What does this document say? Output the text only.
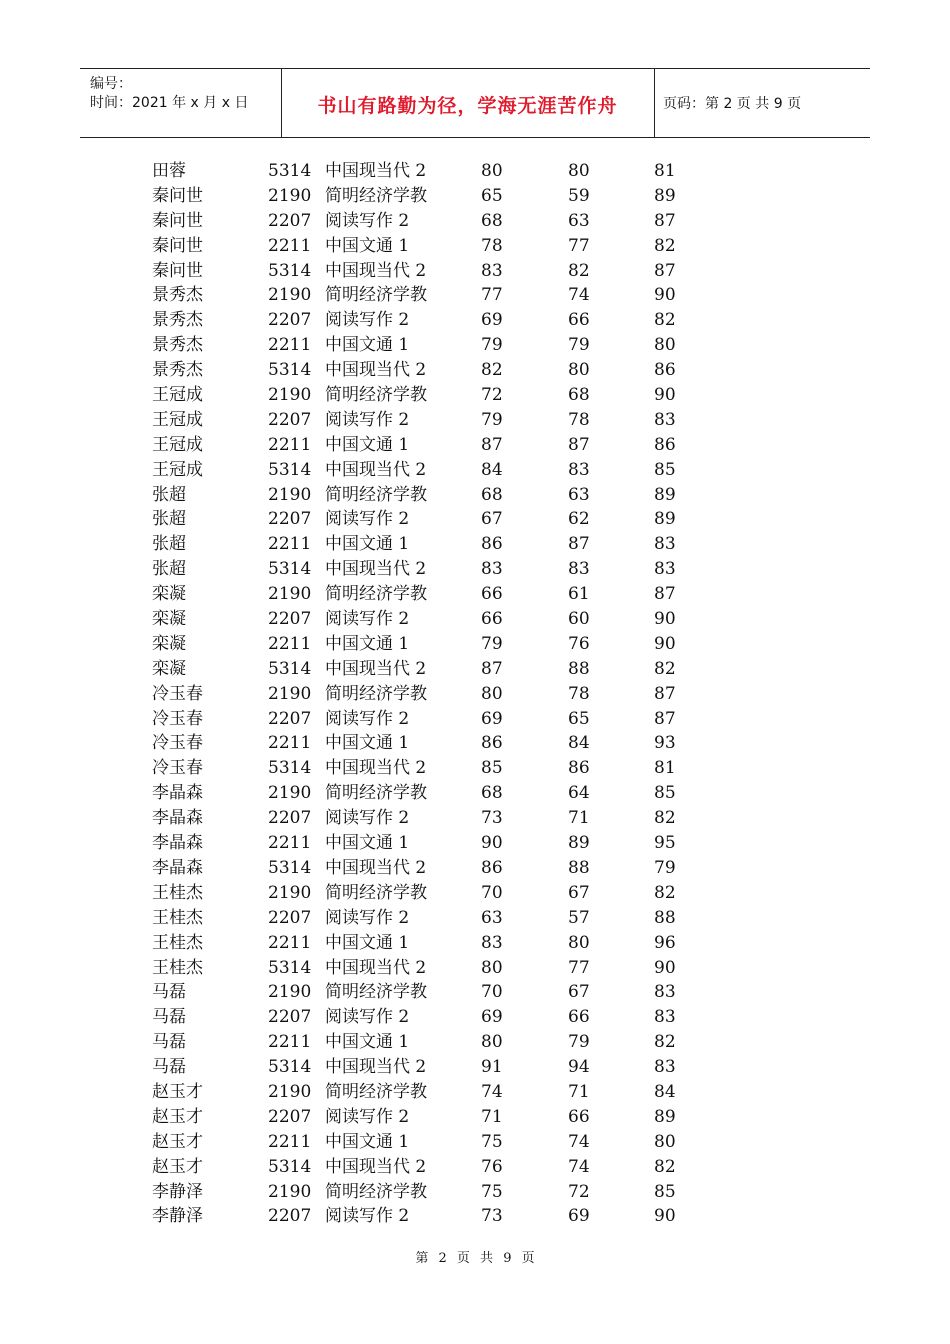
编号：
时间：2021 年 x 月 x 日	书山有路勤为径，学海无涯苦作舟	页码：第 2 页 共 9 页
田蓉	5314 中国现当代 2	80	80	81
秦问世	2190 简明经济学教	65	59	89
秦问世	2207 阅读写作 2	68	63	87
秦问世	2211 中国文通 1	78	77	82
秦问世	5314 中国现当代 2	83	82	87
景秀杰	2190 简明经济学教	77	74	90
景秀杰	2207 阅读写作 2	69	66	82
景秀杰	2211 中国文通 1	79	79	80
景秀杰	5314 中国现当代 2	82	80	86
王冠成	2190 简明经济学教	72	68	90
王冠成	2207 阅读写作 2	79	78	83
王冠成	2211 中国文通 1	87	87	86
王冠成	5314 中国现当代 2	84	83	85
张超	2190 简明经济学教	68	63	89
张超	2207 阅读写作 2	67	62	89
张超	2211 中国文通 1	86	87	83
张超	5314 中国现当代 2	83	83	83
栾凝	2190 简明经济学教	66	61	87
栾凝	2207 阅读写作 2	66	60	90
栾凝	2211 中国文通 1	79	76	90
栾凝	5314 中国现当代 2	87	88	82
冷玉春	2190 简明经济学教	80	78	87
冷玉春	2207 阅读写作 2	69	65	87
冷玉春	2211 中国文通 1	86	84	93
冷玉春	5314 中国现当代 2	85	86	81
李晶森	2190 简明经济学教	68	64	85
李晶森	2207 阅读写作 2	73	71	82
李晶森	2211 中国文通 1	90	89	95
李晶森	5314 中国现当代 2	86	88	79
王桂杰	2190 简明经济学教	70	67	82
王桂杰	2207 阅读写作 2	63	57	88
王桂杰	2211 中国文通 1	83	80	96
王桂杰	5314 中国现当代 2	80	77	90
马磊	2190 简明经济学教	70	67	83
马磊	2207 阅读写作 2	69	66	83
马磊	2211 中国文通 1	80	79	82
马磊	5314 中国现当代 2	91	94	83
赵玉才	2190 简明经济学教	74	71	84
赵玉才	2207 阅读写作 2	71	66	89
赵玉才	2211 中国文通 1	75	74	80
赵玉才	5314 中国现当代 2	76	74	82
李静泽	2190 简明经济学教	75	72	85
李静泽	2207 阅读写作 2	73	69	90
第 2 页 共 9 页
